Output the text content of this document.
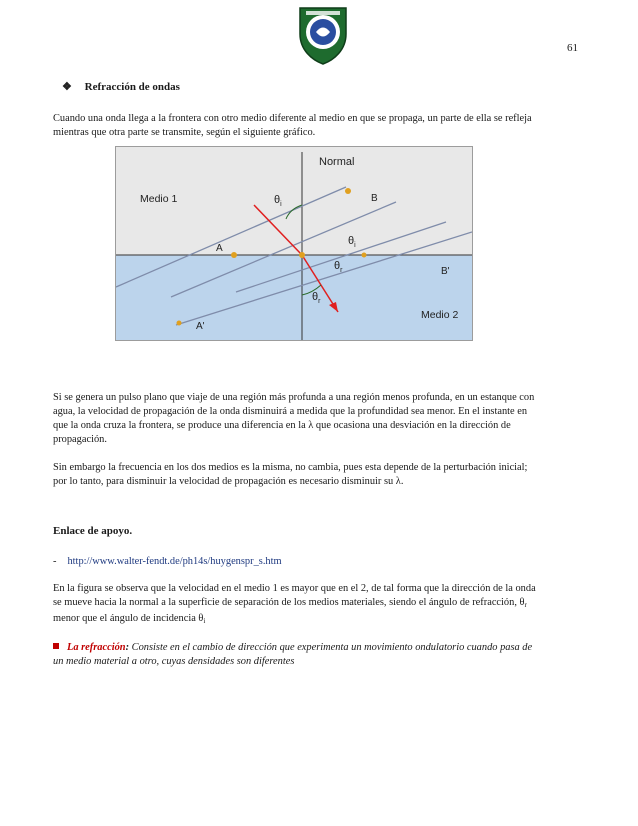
61
❖ Refracción de ondas
Cuando una onda llega a la frontera con otro medio diferente al medio en que se propaga, un parte de ella se refleja mientras que otra parte se transmite, según el siguiente gráfico.
Normal
Medio 1
Medio 2
A
B
A'
B'
$\theta_i$
$\theta_i$
$\theta_r$
$\theta_r$
Si se genera un pulso plano que viaje de una región más profunda a una región menos profunda, en un estanque con agua, la velocidad de propagación de la onda disminuirá a medida que la profundidad sea menor. En el instante en que la onda cruza la frontera, se produce una diferencia en la λ que ocasiona una desviación en la dirección de propagación.
Sin embargo la frecuencia en los dos medios es la misma, no cambia, pues esta depende de la perturbación inicial; por lo tanto, para disminuir la velocidad de propagación es necesario disminuir su λ.
Enlace de apoyo.
- http://www.walter-fendt.de/ph14s/huygenspr_s.htm
En la figura se observa que la velocidad en el medio 1 es mayor que en el 2, de tal forma que la dirección de la onda se mueve hacia la normal a la superficie de separación de los medios materiales, siendo el ángulo de refracción, $\theta_r$ menor que el ángulo de incidencia $\theta_i$
La refracción: Consiste en el cambio de dirección que experimenta un movimiento ondulatorio cuando pasa de un medio material a otro, cuyas densidades son diferentes
